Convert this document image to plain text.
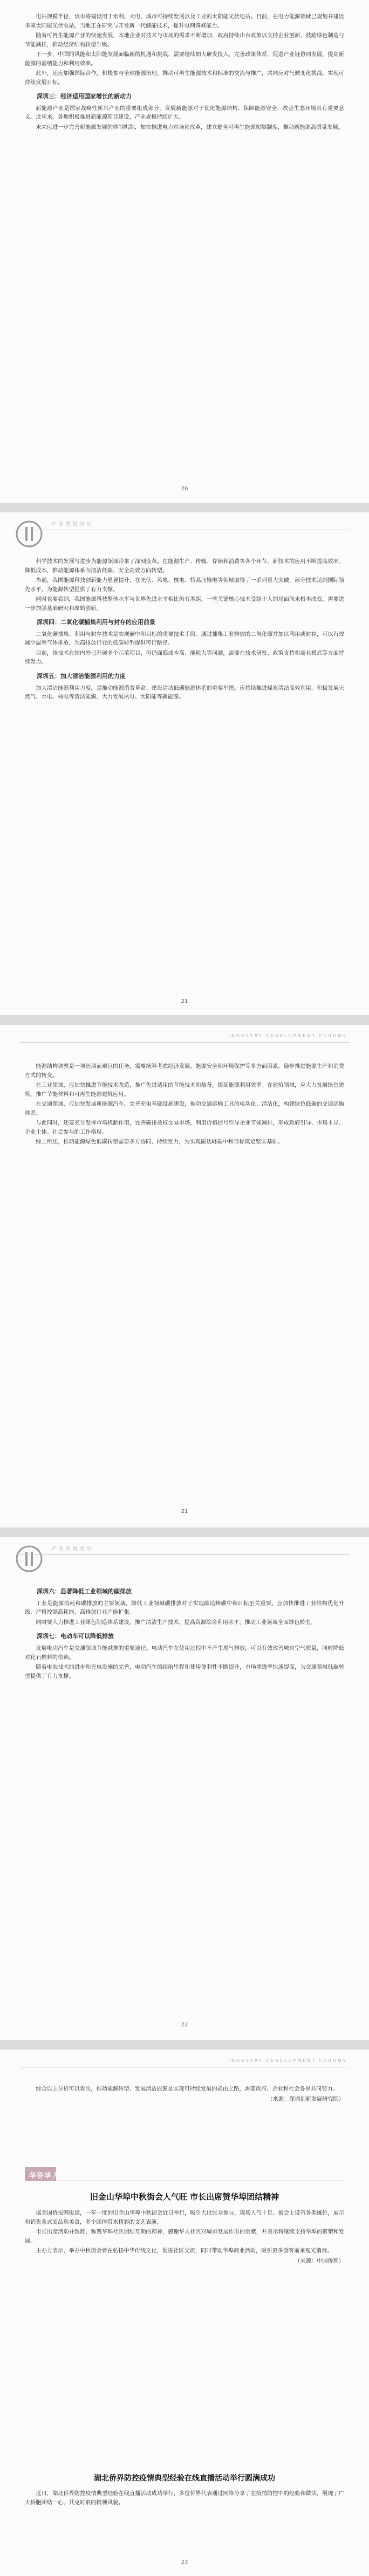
电站规模半径，该市将建设用于水利、火电、城市可持续发展以及工业的太阳能光伏电站。目前，在电力能源领域已规划并建设多座太阳能光伏电站，当地正在研究与开发新一代储能技术，提升电网调峰能力。

随着可再生能源产业的快速发展，本地企业对技术与市场的需求不断增加，政府持续出台政策以支持企业创新，鼓励绿色制造与节能减排，推动经济结构转型升级。

下一步，中国的风能和太阳能发展面临新的机遇和挑战，需要继续加大研发投入，完善政策体系，促进产业链协同发展，提高新能源的消纳能力和利用效率。

此外，还应加强国际合作，积极参与全球能源治理，推动可再生能源技术和标准的交流与推广，共同应对气候变化挑战，实现可持续发展目标。

深圳三：经济适用国家增长的新动力

新能源产业是国家战略性新兴产业的重要组成部分，发展新能源对于优化能源结构、保障能源安全、改善生态环境具有重要意义。近年来，各地积极推进新能源项目建设，产业规模持续扩大。

未来应进一步完善新能源发展的体制机制，加快推进电力市场化改革，建立健全可再生能源配额制度，推动新能源高质量发展。

20
产业发展论坛

科学技术的发展与进步为能源领域带来了深刻变革。在能源生产、传输、存储和消费等各个环节，新技术的应用不断提高效率、降低成本，推动能源体系向清洁低碳、安全高效方向转型。

当前，我国能源科技创新能力显著提升，在光伏、风电、核电、特高压输电等领域取得了一系列重大突破，部分技术达到国际领先水平，为能源转型提供了有力支撑。

同时也要看到，我国能源科技整体水平与世界先进水平相比仍有差距，一些关键核心技术受制于人的局面尚未根本改变，需要进一步加强基础研究和原始创新。

深圳四：二氧化碳捕集利用与封存的应用前景

二氧化碳捕集、利用与封存技术是实现碳中和目标的重要技术手段。通过捕集工业排放的二氧化碳并加以利用或封存，可以有效减少温室气体排放，为高排放行业的低碳转型提供可行路径。

目前，该技术在国内外已开展多个示范项目，但仍面临成本高、能耗大等问题，需要在技术研发、政策支持和商业模式等方面持续发力。

深圳五：加大清洁能源利用的力度

加大清洁能源利用力度，是推动能源消费革命、建设清洁低碳能源体系的重要举措。应持续推进煤炭清洁高效利用，积极发展天然气、水电、核电等清洁能源，大力发展风电、太阳能等新能源。

21
INDUSTRY DEVELOPMENT FORUMS

能源结构调整是一项长期而艰巨的任务，需要统筹考虑经济发展、能源安全和环境保护等多方面因素，稳步推进能源生产和消费方式的转变。

在工业领域，应加快推进节能技术改造，推广先进适用的节能技术和装备，提高能源利用效率。在建筑领域，应大力发展绿色建筑，推广节能材料和可再生能源建筑应用。

在交通领域，应加快发展新能源汽车，完善充电基础设施建设，推动交通运输工具的电动化、清洁化，构建绿色低碳的交通运输体系。

与此同时，还要充分发挥市场机制作用，完善碳排放权交易市场，利用价格信号引导企业节能减排，形成政府引导、市场主导、企业主体、社会参与的工作格局。

综上所述，推动能源绿色低碳转型需要多方协同、持续发力，为实现碳达峰碳中和目标奠定坚实基础。

21
产业发展论坛
深圳六：显著降低工业领域的碳排放

工业是能源消耗和碳排放的主要领域，降低工业领域碳排放对于实现碳达峰碳中和目标至关重要。应加快推进工业结构优化升级，严格控制高耗能、高排放行业产能扩张。

同时要大力推进工业绿色制造体系建设，推广清洁生产技术，提高资源综合利用水平，推动工业领域全面绿色转型。

深圳七：电动车可以降低排放

发展电动汽车是交通领域节能减排的重要途径。电动汽车在使用过程中不产生尾气排放，可以有效改善城市空气质量，同时降低对化石燃料的依赖。

随着电池技术的进步和充电设施的完善，电动汽车的续航里程和使用便利性不断提升，市场渗透率快速提高，为交通领域低碳转型提供了有力支撑。

22
INDUSTRY DEVELOPMENT FORUMS

综合以上分析可以看出，推动能源转型、发展清洁能源是实现可持续发展的必由之路，需要政府、企业和社会各界共同努力。

（来源：深圳创新发展研究院）

华侨华人
旧金山华埠中秋街会人气旺 市长出席赞华埠团结精神

据美国侨报网报道，一年一度的旧金山华埠中秋街会近日举行，吸引大批民众参与，现场人气十足。街会上设有各类摊位，展示和销售各式商品和美食，多个团体带来精彩的文艺表演。

市长出席活动并致辞，称赞华埠社区团结互助的精神，感谢华人社区对城市发展作出的贡献，并表示将继续支持华埠的繁荣和发展。

主办方表示，举办中秋街会旨在弘扬中华传统文化，促进社区交流，同时带动华埠商业活动，吸引更多游客前来观光消费。

（来源：中国侨网）

湖北侨界防控疫情典型经验在线直播活动举行圆满成功

近日，湖北侨界防控疫情典型经验在线直播活动成功举行，多位侨界代表通过网络分享了在疫情防控中的经验和做法，展现了广大侨胞团结一心、共克时艰的精神风貌。

23
